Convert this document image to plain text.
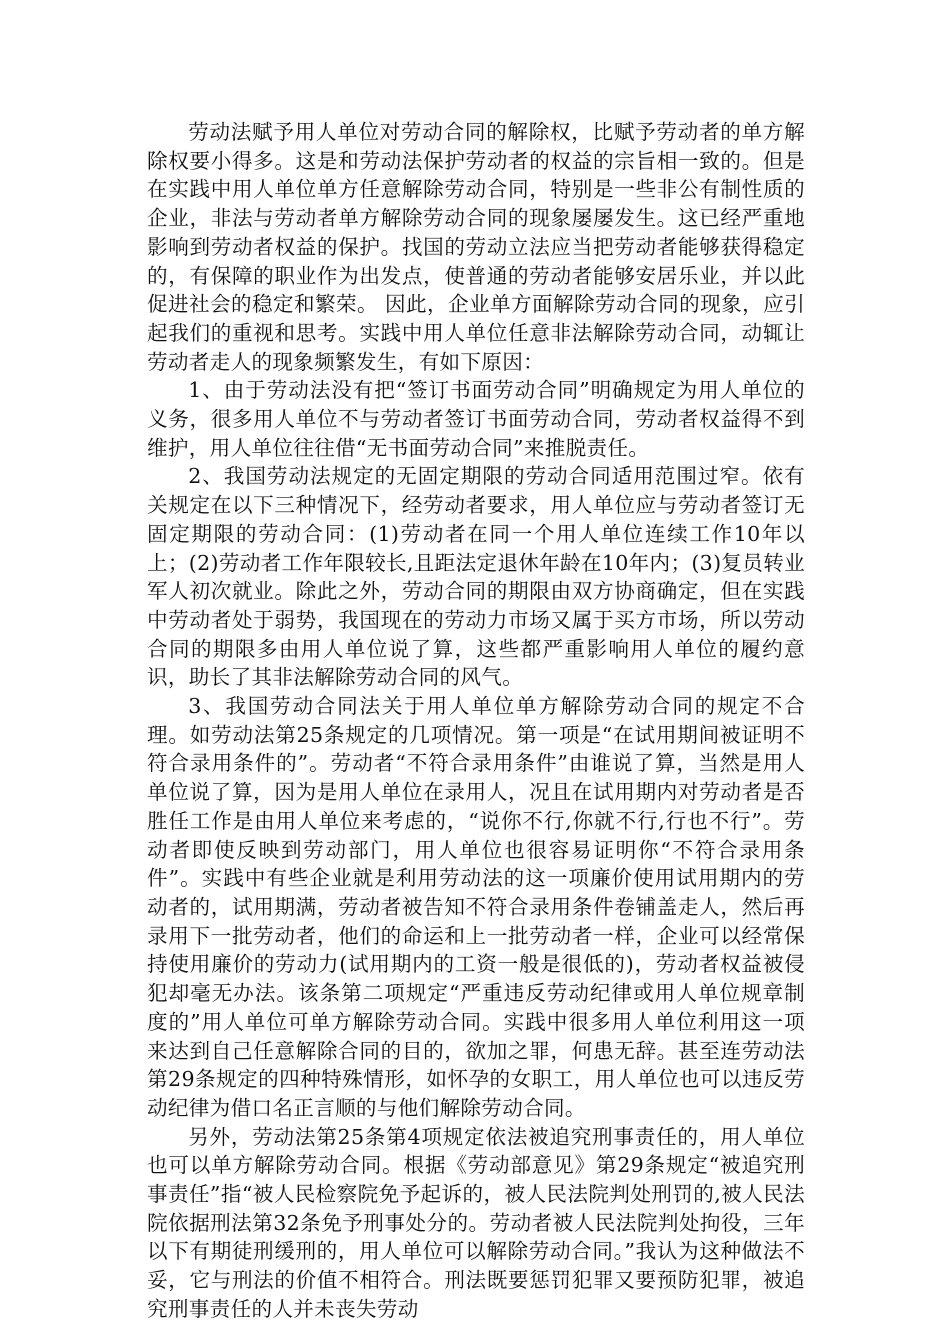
劳动法赋予用人单位对劳动合同的解除权，比赋予劳动者的单方解除权要小得多。这是和劳动法保护劳动者的权益的宗旨相一致的。但是在实践中用人单位单方任意解除劳动合同，特别是一些非公有制性质的企业，非法与劳动者单方解除劳动合同的现象屡屡发生。这已经严重地影响到劳动者权益的保护。找国的劳动立法应当把劳动者能够获得稳定的，有保障的职业作为出发点，使普通的劳动者能够安居乐业，并以此促进社会的稳定和繁荣。 因此，企业单方面解除劳动合同的现象，应引起我们的重视和思考。实践中用人单位任意非法解除劳动合同，动辄让劳动者走人的现象频繁发生，有如下原因：

1、由于劳动法没有把“签订书面劳动合同”明确规定为用人单位的义务，很多用人单位不与劳动者签订书面劳动合同，劳动者权益得不到维护，用人单位往往借“无书面劳动合同”来推脱责任。

2、我国劳动法规定的无固定期限的劳动合同适用范围过窄。依有关规定在以下三种情况下，经劳动者要求，用人单位应与劳动者签订无固定期限的劳动合同：(1)劳动者在同一个用人单位连续工作10年以上；(2)劳动者工作年限较长,且距法定退休年龄在10年内；(3)复员转业军人初次就业。除此之外，劳动合同的期限由双方协商确定，但在实践中劳动者处于弱势，我国现在的劳动力市场又属于买方市场，所以劳动合同的期限多由用人单位说了算，这些都严重影响用人单位的履约意识，助长了其非法解除劳动合同的风气。

3、我国劳动合同法关于用人单位单方解除劳动合同的规定不合理。如劳动法第25条规定的几项情况。第一项是“在试用期间被证明不符合录用条件的”。劳动者“不符合录用条件”由谁说了算，当然是用人单位说了算，因为是用人单位在录用人，况且在试用期内对劳动者是否胜任工作是由用人单位来考虑的，“说你不行,你就不行,行也不行”。劳动者即使反映到劳动部门，用人单位也很容易证明你“不符合录用条件”。实践中有些企业就是利用劳动法的这一项廉价使用试用期内的劳动者的，试用期满，劳动者被告知不符合录用条件卷铺盖走人，然后再录用下一批劳动者，他们的命运和上一批劳动者一样，企业可以经常保持使用廉价的劳动力(试用期内的工资一般是很低的)，劳动者权益被侵犯却毫无办法。该条第二项规定“严重违反劳动纪律或用人单位规章制度的”用人单位可单方解除劳动合同。实践中很多用人单位利用这一项来达到自己任意解除合同的目的，欲加之罪，何患无辞。甚至连劳动法第29条规定的四种特殊情形，如怀孕的女职工，用人单位也可以违反劳动纪律为借口名正言顺的与他们解除劳动合同。

另外，劳动法第25条第4项规定依法被追究刑事责任的，用人单位也可以单方解除劳动合同。根据《劳动部意见》第29条规定“被追究刑事责任”指“被人民检察院免予起诉的，被人民法院判处刑罚的,被人民法院依据刑法第32条免予刑事处分的。劳动者被人民法院判处拘役，三年以下有期徒刑缓刑的，用人单位可以解除劳动合同。”我认为这种做法不妥，它与刑法的价值不相符合。刑法既要惩罚犯罪又要预防犯罪，被追究刑事责任的人并未丧失劳动
